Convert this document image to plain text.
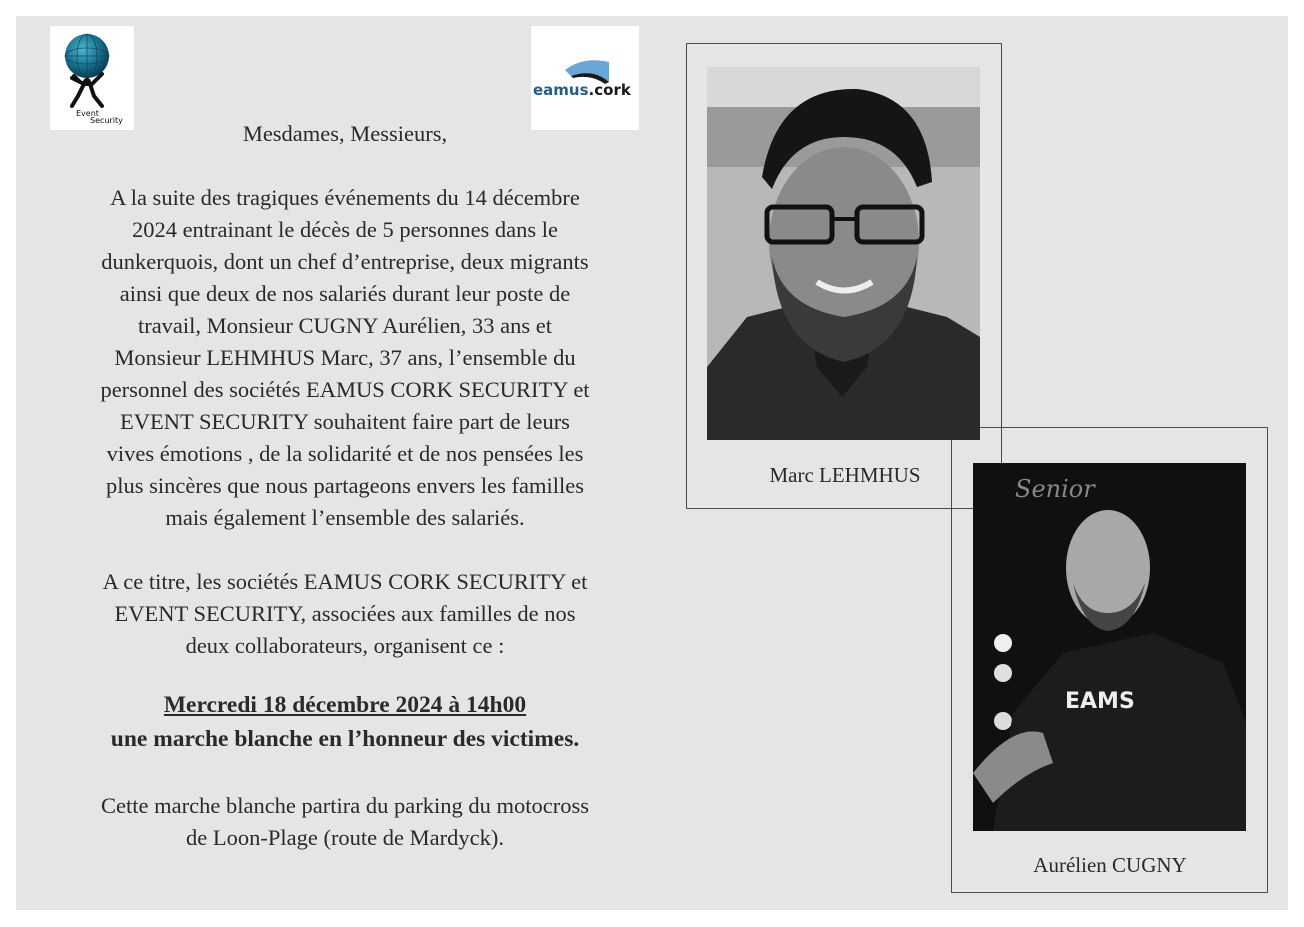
Event
Security
eamus.cork

Mesdames, Messieurs,

A la suite des tragiques événements du 14 décembre

2024 entrainant le décès de 5 personnes dans le

dunkerquois, dont un chef d’entreprise, deux migrants

ainsi que deux de nos salariés durant leur poste de

travail, Monsieur CUGNY Aurélien, 33 ans et

Monsieur LEHMHUS Marc, 37 ans, l’ensemble du

personnel des sociétés EAMUS CORK SECURITY et

EVENT SECURITY souhaitent faire part de leurs

vives émotions , de la solidarité et de nos pensées les

plus sincères que nous partageons envers les familles

mais également l’ensemble des salariés.

A ce titre, les sociétés EAMUS CORK SECURITY et

EVENT SECURITY, associées aux familles de nos

deux collaborateurs, organisent ce :

Mercredi 18 décembre 2024 à 14h00

une marche blanche en l’honneur des victimes.

Cette marche blanche partira du parking du motocross

de Loon-Plage (route de Mardyck).

Senior
EAMS
Marc LEHMHUS
Aurélien CUGNY
